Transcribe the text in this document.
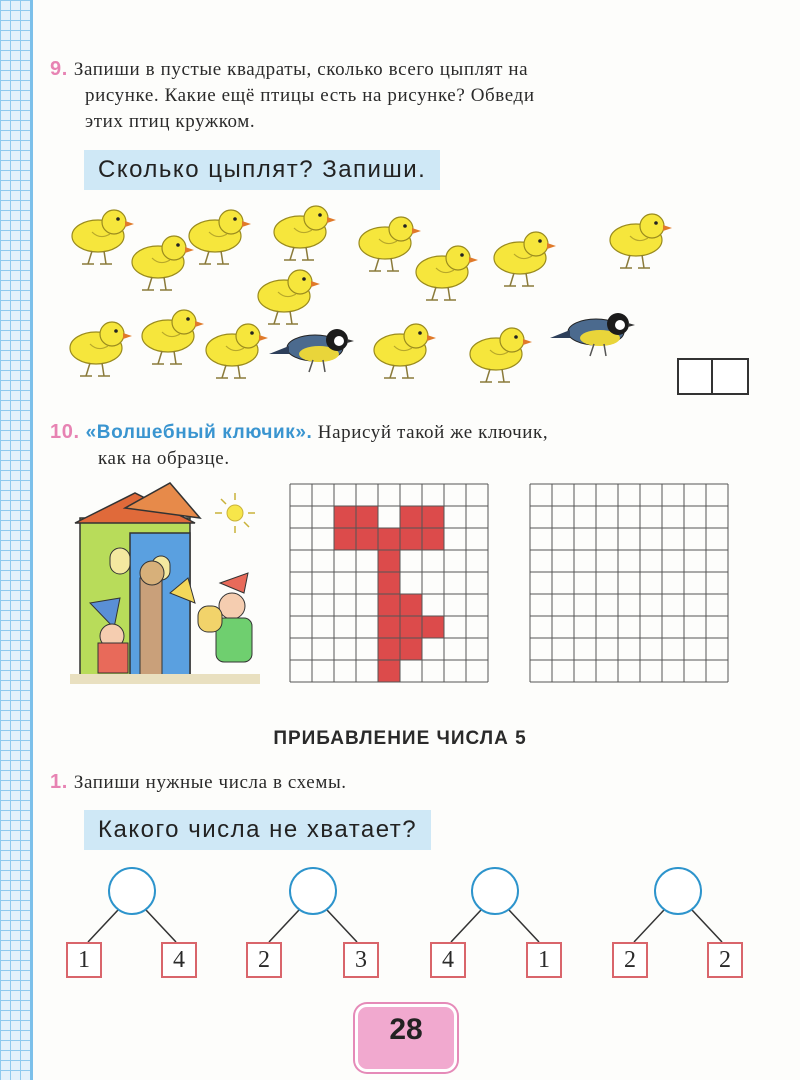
9. Запиши в пустые квадраты, сколько всего цыплят на
рисунке. Какие ещё птицы есть на рисунке? Обведи
этих птиц кружком.
Сколько цыплят? Запиши.
10. «Волшебный ключик». Нарисуй такой же ключик,
как на образце.
ПРИБАВЛЕНИЕ ЧИСЛА 5
1. Запиши нужные числа в схемы.
Какого числа не хватает?
1	4	2	3	4	1	2	2
28
